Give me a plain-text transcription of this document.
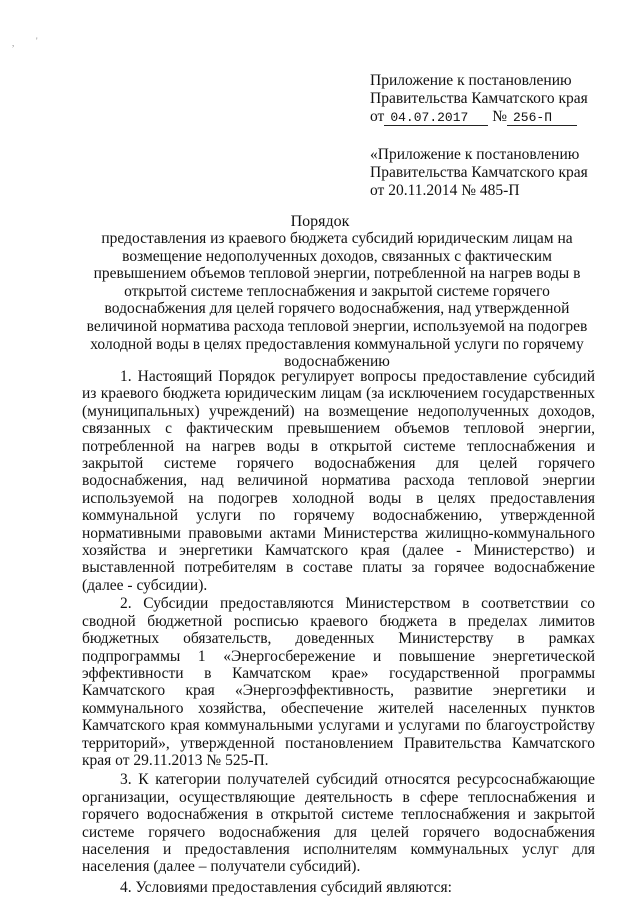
, '
Приложение к постановлению
Правительства Камчатского края
от 04.07.2017 № 256-П
«Приложение к постановлению
Правительства Камчатского края
от 20.11.2014 № 485-П
Порядок
предоставления из краевого бюджета субсидий юридическим лицам на возмещение недополученных доходов, связанных с фактическим превышением объемов тепловой энергии, потребленной на нагрев воды в открытой системе теплоснабжения и закрытой системе горячего водоснабжения для целей горячего водоснабжения, над утвержденной величиной норматива расхода тепловой энергии, используемой на подогрев холодной воды в целях предоставления коммунальной услуги по горячему водоснабжению

1. Настоящий Порядок регулирует вопросы предоставление субсидий из краевого бюджета юридическим лицам (за исключением государственных (муниципальных) учреждений) на возмещение недополученных доходов, связанных с фактическим превышением объемов тепловой энергии, потребленной на нагрев воды в открытой системе теплоснабжения и закрытой системе горячего водоснабжения для целей горячего водоснабжения, над величиной норматива расхода тепловой энергии используемой на подогрев холодной воды в целях предоставления коммунальной услуги по горячему водоснабжению, утвержденной нормативными правовыми актами Министерства жилищно-коммунального хозяйства и энергетики Камчатского края (далее - Министерство) и выставленной потребителям в составе платы за горячее водоснабжение (далее - субсидии).

2. Субсидии предоставляются Министерством в соответствии со сводной бюджетной росписью краевого бюджета в пределах лимитов бюджетных обязательств, доведенных Министерству в рамках подпрограммы 1 «Энергосбережение и повышение энергетической эффективности в Камчатском крае» государственной программы Камчатского края «Энергоэффективность, развитие энергетики и коммунального хозяйства, обеспечение жителей населенных пунктов Камчатского края коммунальными услугами и услугами по благоустройству территорий», утвержденной постановлением Правительства Камчатского края от 29.11.2013 № 525-П.

3. К категории получателей субсидий относятся ресурсоснабжающие организации, осуществляющие деятельность в сфере теплоснабжения и горячего водоснабжения в открытой системе теплоснабжения и закрытой системе горячего водоснабжения для целей горячего водоснабжения населения и предоставления исполнителям коммунальных услуг для населения (далее – получатели субсидий).

4. Условиями предоставления субсидий являются:
